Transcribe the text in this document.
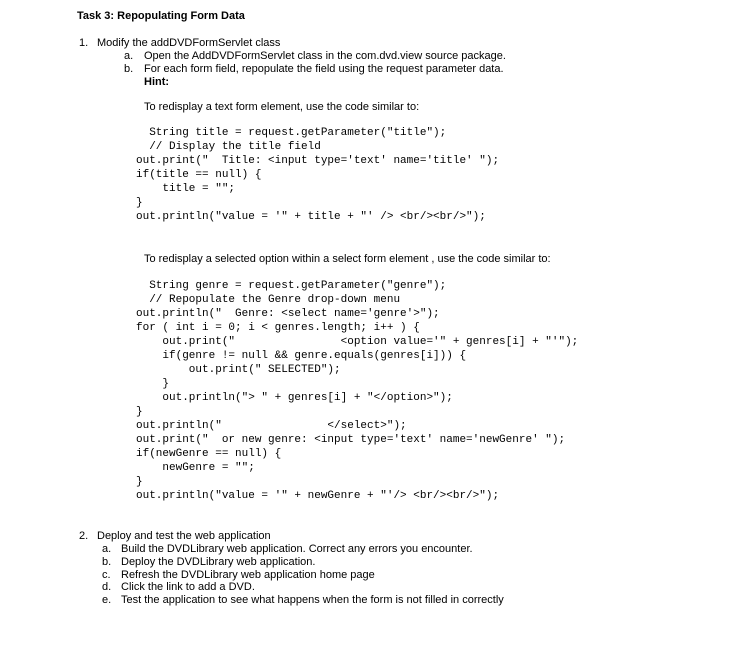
Task 3: Repopulating Form Data
1. Modify the addDVDFormServlet class
a. Open the AddDVDFormServlet class in the com.dvd.view source package.
b. For each form field, repopulate the field using the request parameter data.
Hint:
To redisplay a text form element, use the code similar to:
String title = request.getParameter("title");
// Display the title field
out.print("  Title: <input type='text' name='title' ");
if(title == null) {
title = "";
}
out.println("value = '" + title + "' /> <br/><br/>");
To redisplay a selected option within a select form element , use the code similar to:
String genre = request.getParameter("genre");
// Repopulate the Genre drop-down menu
out.println("  Genre: <select name='genre'>");
for ( int i = 0; i < genres.length; i++ ) {
out.print("                <option value='" + genres[i] + "'");
if(genre != null && genre.equals(genres[i])) {
out.print(" SELECTED");
}
out.println("> " + genres[i] + "</option>");
}
out.println("                </select>");
out.print("  or new genre: <input type='text' name='newGenre' ");
if(newGenre == null) {
newGenre = "";
}
out.println("value = '" + newGenre + "'/> <br/><br/>");
2. Deploy and test the web application
a. Build the DVDLibrary web application. Correct any errors you encounter.
b. Deploy the DVDLibrary web application.
c. Refresh the DVDLibrary web application home page
d. Click the link to add a DVD.
e. Test the application to see what happens when the form is not filled in correctly
